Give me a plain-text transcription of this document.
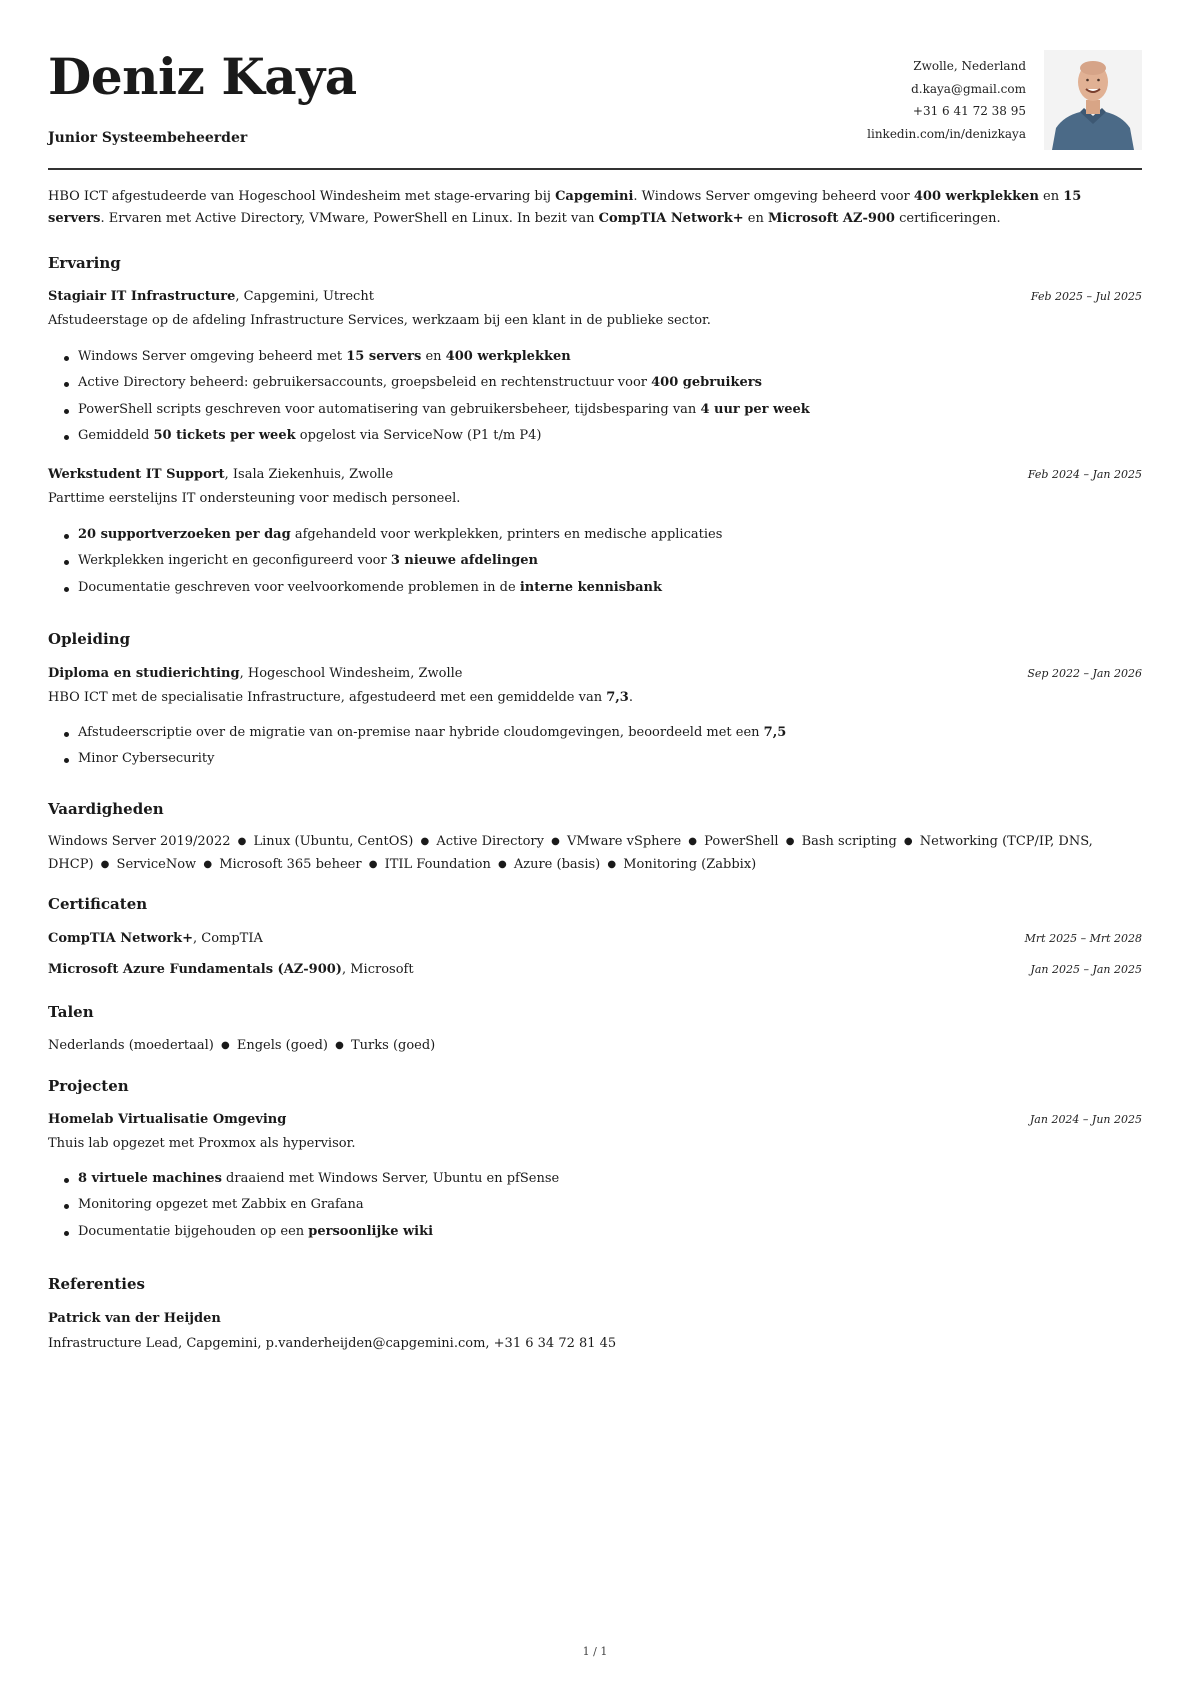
Deniz Kaya
Junior Systeembeheerder
Zwolle, Nederland
d.kaya@gmail.com
+31 6 41 72 38 95
linkedin.com/in/denizkaya

HBO ICT afgestudeerde van Hogeschool Windesheim met stage-ervaring bij Capgemini. Windows Server omgeving beheerd voor 400 werkplekken en 15 servers. Ervaren met Active Directory, VMware, PowerShell en Linux. In bezit van CompTIA Network+ en Microsoft AZ-900 certificeringen.

Ervaring
Stagiair IT Infrastructure, Capgemini, Utrecht	Feb 2025 – Jul 2025
Afstudeerstage op de afdeling Infrastructure Services, werkzaam bij een klant in de publieke sector.
Windows Server omgeving beheerd met 15 servers en 400 werkplekken
Active Directory beheerd: gebruikersaccounts, groepsbeleid en rechtenstructuur voor 400 gebruikers
PowerShell scripts geschreven voor automatisering van gebruikersbeheer, tijdsbesparing van 4 uur per week
Gemiddeld 50 tickets per week opgelost via ServiceNow (P1 t/m P4)
Werkstudent IT Support, Isala Ziekenhuis, Zwolle	Feb 2024 – Jan 2025
Parttime eerstelijns IT ondersteuning voor medisch personeel.
20 supportverzoeken per dag afgehandeld voor werkplekken, printers en medische applicaties
Werkplekken ingericht en geconfigureerd voor 3 nieuwe afdelingen
Documentatie geschreven voor veelvoorkomende problemen in de interne kennisbank
Opleiding
Diploma en studierichting, Hogeschool Windesheim, Zwolle	Sep 2022 – Jan 2026
HBO ICT met de specialisatie Infrastructure, afgestudeerd met een gemiddelde van 7,3.
Afstudeerscriptie over de migratie van on-premise naar hybride cloudomgevingen, beoordeeld met een 7,5
Minor Cybersecurity
Vaardigheden
Windows Server 2019/2022 ● Linux (Ubuntu, CentOS) ● Active Directory ● VMware vSphere ● PowerShell ● Bash scripting ● Networking (TCP/IP, DNS, DHCP) ● ServiceNow ● Microsoft 365 beheer ● ITIL Foundation ● Azure (basis) ● Monitoring (Zabbix)
Certificaten
CompTIA Network+, CompTIA	Mrt 2025 – Mrt 2028
Microsoft Azure Fundamentals (AZ-900), Microsoft	Jan 2025 – Jan 2025
Talen
Nederlands (moedertaal) ● Engels (goed) ● Turks (goed)
Projecten
Homelab Virtualisatie Omgeving	Jan 2024 – Jun 2025
Thuis lab opgezet met Proxmox als hypervisor.
8 virtuele machines draaiend met Windows Server, Ubuntu en pfSense
Monitoring opgezet met Zabbix en Grafana
Documentatie bijgehouden op een persoonlijke wiki
Referenties
Patrick van der Heijden
Infrastructure Lead, Capgemini, p.vanderheijden@capgemini.com, +31 6 34 72 81 45
1 / 1
